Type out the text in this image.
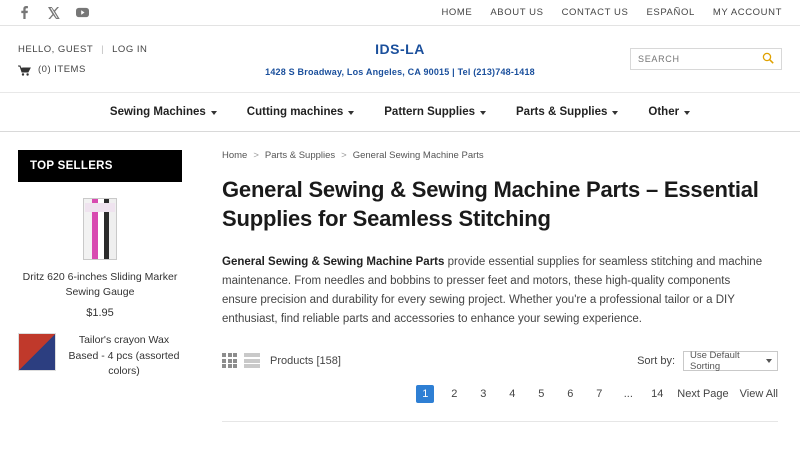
HOME ABOUT US CONTACT US ESPAÑOL MY ACCOUNT
HELLO, GUEST | LOG IN
(0) ITEMS
IDS-LA
1428 S Broadway, Los Angeles, CA 90015 | Tel (213)748-1418
SEARCH
Sewing Machines	Cutting machines	Pattern Supplies	Parts & Supplies	Other
TOP SELLERS
Dritz 620 6-inches Sliding Marker Sewing Gauge
$1.95
Tailor's crayon Wax Based - 4 pcs (assorted colors)
Home > Parts & Supplies > General Sewing Machine Parts
General Sewing & Sewing Machine Parts – Essential Supplies for Seamless Stitching

General Sewing & Sewing Machine Parts provide essential supplies for seamless stitching and machine maintenance. From needles and bobbins to presser feet and motors, these high-quality components ensure precision and durability for every sewing project. Whether you're a professional tailor or a DIY enthusiast, find reliable parts and accessories to enhance your sewing experience.

Products [158]	Sort by: Use Default Sorting
1	2	3	4	5	6	7	...	14 Next Page View All
